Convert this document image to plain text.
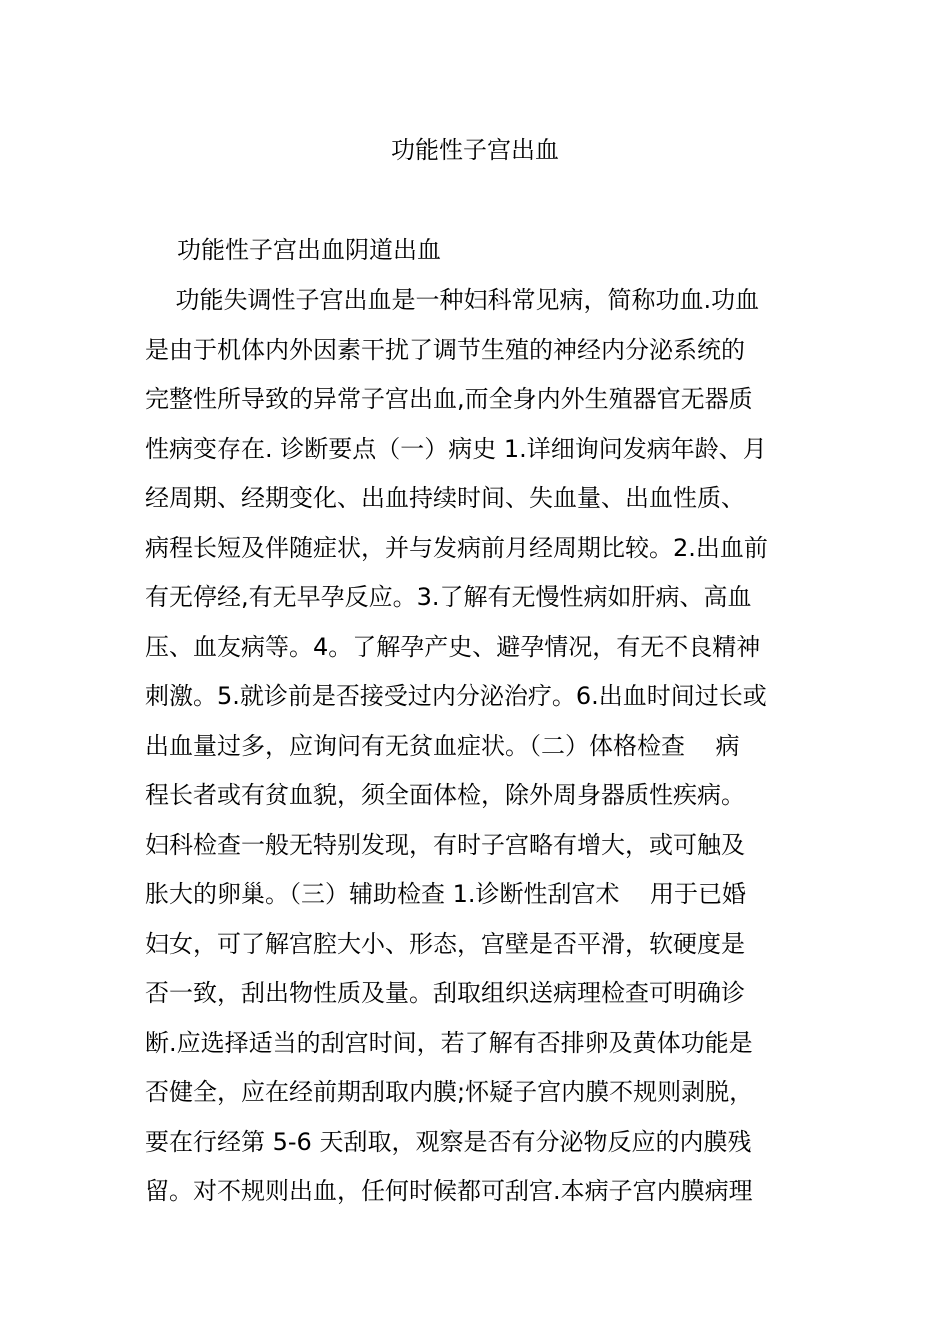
功能性子宫出血

功能性子宫出血阴道出血

功能失调性子宫出血是一种妇科常见病，简称功血.功血
是由于机体内外因素干扰了调节生殖的神经内分泌系统的
完整性所导致的异常子宫出血,而全身内外生殖器官无器质
性病变存在. 诊断要点（一）病史 1.详细询问发病年龄、月
经周期、经期变化、出血持续时间、失血量、出血性质、
病程长短及伴随症状，并与发病前月经周期比较。2.出血前
有无停经,有无早孕反应。3.了解有无慢性病如肝病、高血
压、血友病等。4。了解孕产史、避孕情况，有无不良精神
刺激。5.就诊前是否接受过内分泌治疗。6.出血时间过长或
出血量过多，应询问有无贫血症状。（二）体格检查    病
程长者或有贫血貌，须全面体检，除外周身器质性疾病。
妇科检查一般无特别发现，有时子宫略有增大，或可触及
胀大的卵巢。（三）辅助检查 1.诊断性刮宫术    用于已婚
妇女，可了解宫腔大小、形态，宫壁是否平滑，软硬度是
否一致，刮出物性质及量。刮取组织送病理检查可明确诊
断.应选择适当的刮宫时间，若了解有否排卵及黄体功能是
否健全，应在经前期刮取内膜;怀疑子宫内膜不规则剥脱，
要在行经第 5-6 天刮取，观察是否有分泌物反应的内膜残
留。对不规则出血，任何时候都可刮宫.本病子宫内膜病理
